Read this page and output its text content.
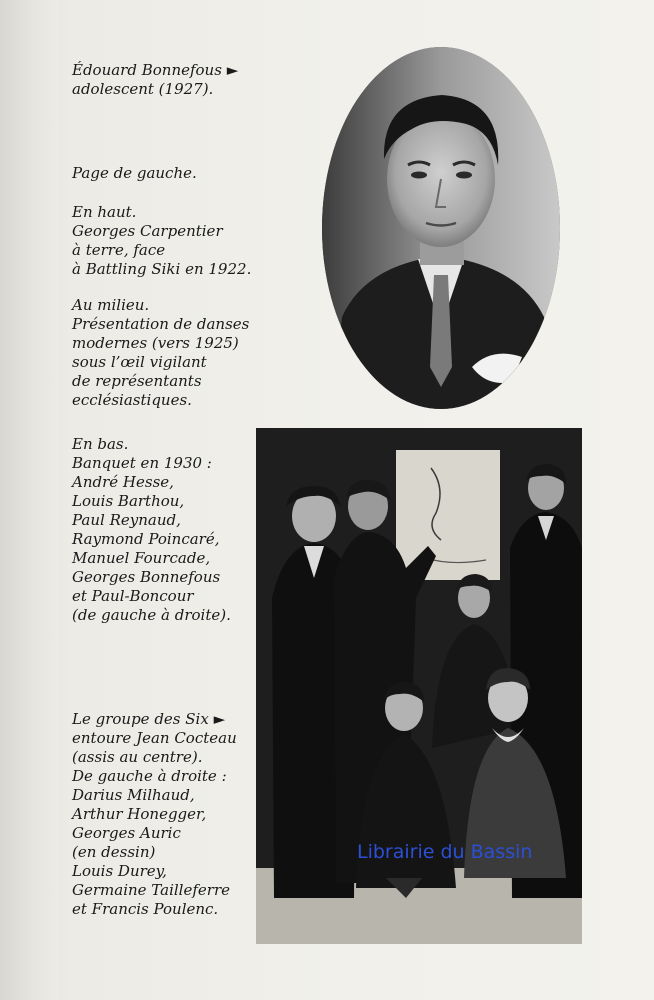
Édouard Bonnefous ►
adolescent (1927).

Page de gauche.

En haut.
Georges Carpentier
à terre, face
à Battling Siki en 1922.

Au milieu.
Présentation de danses
modernes (vers 1925)
sous l’œil vigilant
de représentants
ecclésiastiques.

En bas.
Banquet en 1930 :
André Hesse,
Louis Barthou,
Paul Reynaud,
Raymond Poincaré,
Manuel Fourcade,
Georges Bonnefous
et Paul-Boncour
(de gauche à droite).

Le groupe des Six ►
entoure Jean Cocteau
(assis au centre).
De gauche à droite :
Darius Milhaud,
Arthur Honegger,
Georges Auric
(en dessin)
Louis Durey,
Germaine Tailleferre
et Francis Poulenc.

Librairie du Bassin
